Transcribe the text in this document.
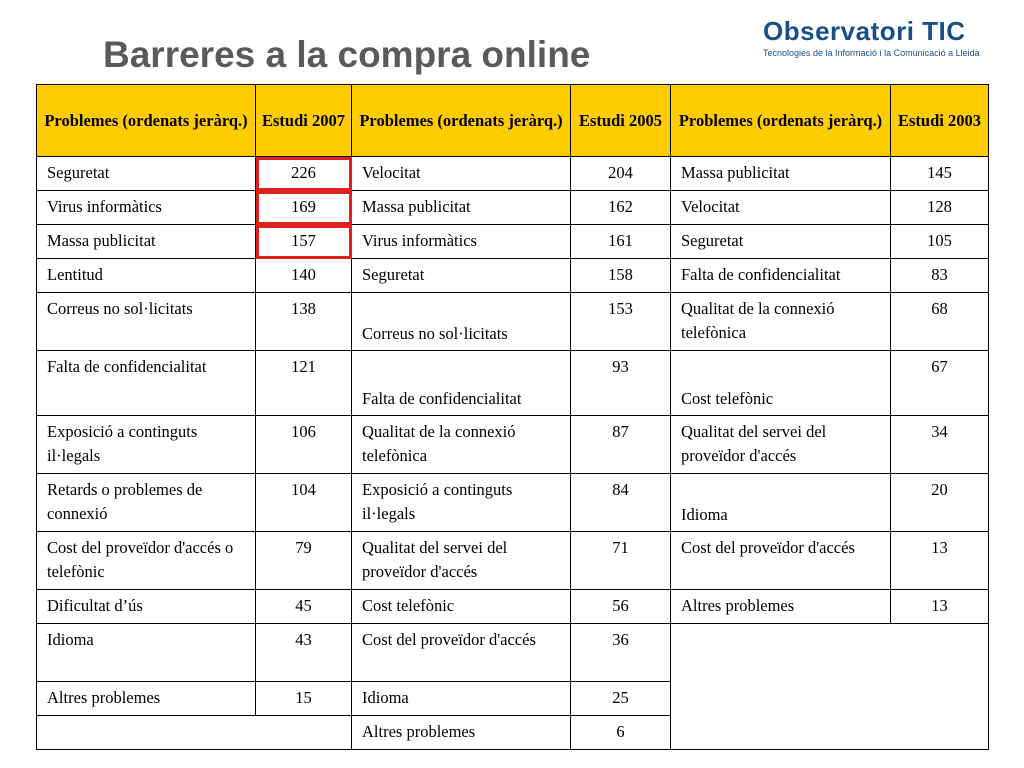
Barreres a la compra online
Observatori TIC
Tecnologies de la Informació i la Comunicació a Lleida
Problemes (ordenats jeràrq.)	Estudi 2007	Problemes (ordenats jeràrq.)	Estudi 2005	Problemes (ordenats jeràrq.)	Estudi 2003
Seguretat	226	Velocitat	204	Massa publicitat	145
Virus informàtics	169	Massa publicitat	162	Velocitat	128
Massa publicitat	157	Virus informàtics	161	Seguretat	105
Lentitud	140	Seguretat	158	Falta de confidencialitat	83
Correus no sol·licitats	138	Correus no sol·licitats	153	Qualitat de la connexió telefònica	68
Falta de confidencialitat	121	Falta de confidencialitat	93	Cost telefònic	67
Exposició a continguts il·legals	106	Qualitat de la connexió telefònica	87	Qualitat del servei del proveïdor d'accés	34
Retards o problemes de connexió	104	Exposició a continguts il·legals	84	Idioma	20
Cost del proveïdor d'accés o telefònic	79	Qualitat del servei del proveïdor d'accés	71	Cost del proveïdor d'accés	13
Dificultat d’ús	45	Cost telefònic	56	Altres problemes	13
Idioma	43	Cost del proveïdor d'accés	36		
Altres problemes	15	Idioma	25		
		Altres problemes	6		
